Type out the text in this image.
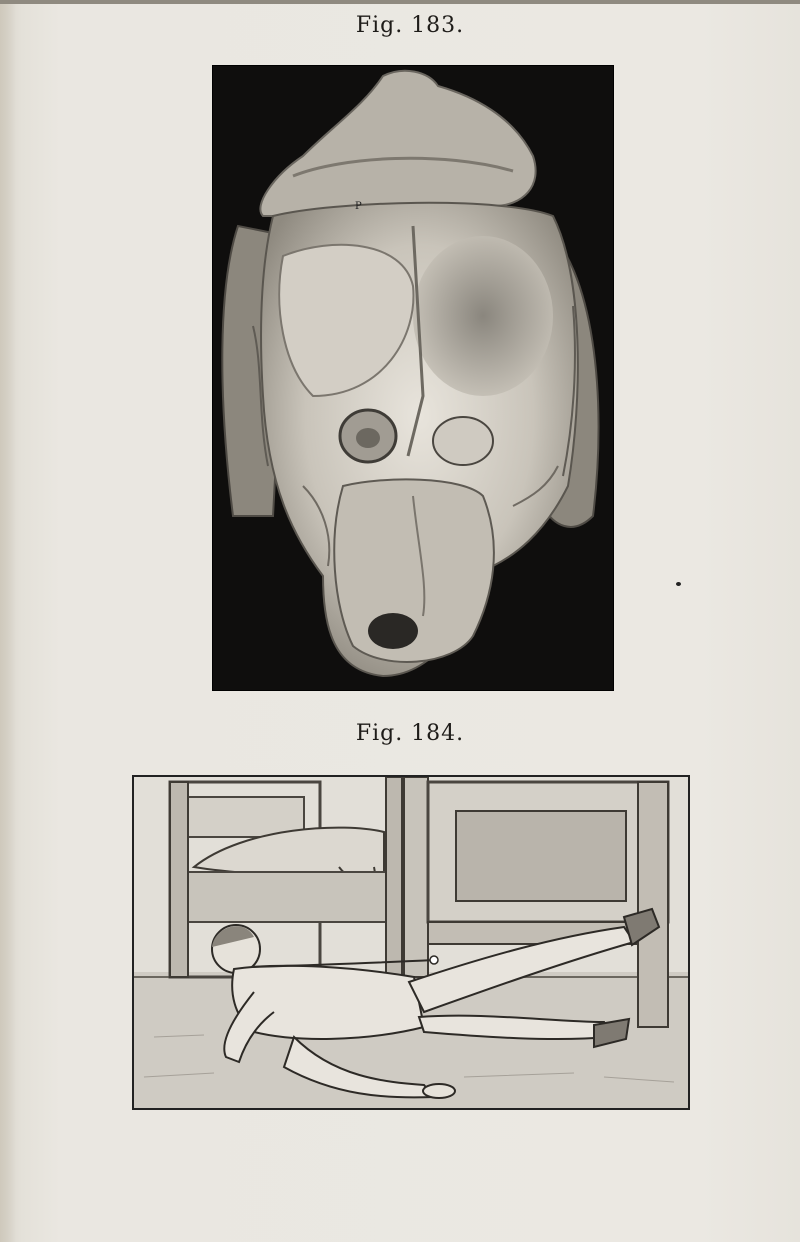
Fig. 183.
P
Fig. 184.
